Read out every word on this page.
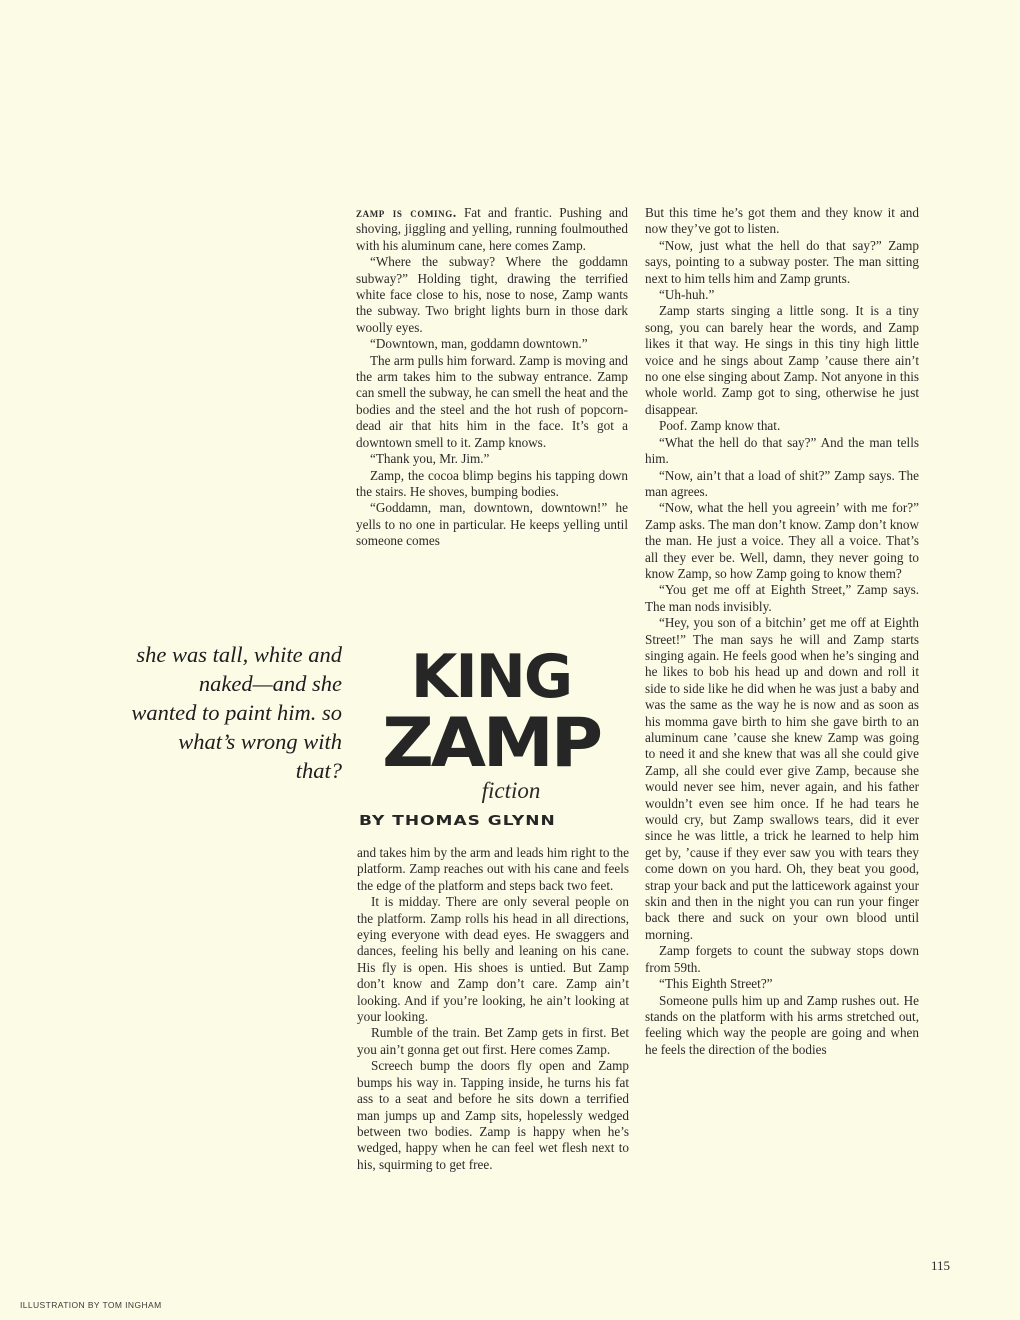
zamp is coming. Fat and frantic. Pushing and shoving, jiggling and yelling, running foulmouthed with his aluminum cane, here comes Zamp.

“Where the subway? Where the goddamn subway?” Holding tight, drawing the terrified white face close to his, nose to nose, Zamp wants the subway. Two bright lights burn in those dark woolly eyes.

“Downtown, man, goddamn downtown.”

The arm pulls him forward. Zamp is moving and the arm takes him to the subway entrance. Zamp can smell the subway, he can smell the heat and the bodies and the steel and the hot rush of popcorn-dead air that hits him in the face. It’s got a downtown smell to it. Zamp knows.

“Thank you, Mr. Jim.”

Zamp, the cocoa blimp begins his tapping down the stairs. He shoves, bumping bodies.

“Goddamn, man, downtown, downtown!” he yells to no one in particular. He keeps yelling until someone comes

she was tall, white and naked—and she wanted to paint him. so what’s wrong with that?
KING
ZAMP
fiction
BY THOMAS GLYNN

and takes him by the arm and leads him right to the platform. Zamp reaches out with his cane and feels the edge of the platform and steps back two feet.

It is midday. There are only several people on the platform. Zamp rolls his head in all directions, eying everyone with dead eyes. He swaggers and dances, feeling his belly and leaning on his cane. His fly is open. His shoes is untied. But Zamp don’t know and Zamp don’t care. Zamp ain’t looking. And if you’re looking, he ain’t looking at your looking.

Rumble of the train. Bet Zamp gets in first. Bet you ain’t gonna get out first. Here comes Zamp.

Screech bump the doors fly open and Zamp bumps his way in. Tapping inside, he turns his fat ass to a seat and before he sits down a terrified man jumps up and Zamp sits, hopelessly wedged between two bodies. Zamp is happy when he’s wedged, happy when he can feel wet flesh next to his, squirming to get free.

But this time he’s got them and they know it and now they’ve got to listen.

“Now, just what the hell do that say?” Zamp says, pointing to a subway poster. The man sitting next to him tells him and Zamp grunts.

“Uh-huh.”

Zamp starts singing a little song. It is a tiny song, you can barely hear the words, and Zamp likes it that way. He sings in this tiny high little voice and he sings about Zamp ’cause there ain’t no one else singing about Zamp. Not anyone in this whole world. Zamp got to sing, otherwise he just disappear.

Poof. Zamp know that.

“What the hell do that say?” And the man tells him.

“Now, ain’t that a load of shit?” Zamp says. The man agrees.

“Now, what the hell you agreein’ with me for?” Zamp asks. The man don’t know. Zamp don’t know the man. He just a voice. They all a voice. That’s all they ever be. Well, damn, they never going to know Zamp, so how Zamp going to know them?

“You get me off at Eighth Street,” Zamp says. The man nods invisibly.

“Hey, you son of a bitchin’ get me off at Eighth Street!” The man says he will and Zamp starts singing again. He feels good when he’s singing and he likes to bob his head up and down and roll it side to side like he did when he was just a baby and was the same as the way he is now and as soon as his momma gave birth to him she gave birth to an aluminum cane ’cause she knew Zamp was going to need it and she knew that was all she could give Zamp, all she could ever give Zamp, because she would never see him, never again, and his father wouldn’t even see him once. If he had tears he would cry, but Zamp swallows tears, did it ever since he was little, a trick he learned to help him get by, ’cause if they ever saw you with tears they come down on you hard. Oh, they beat you good, strap your back and put the latticework against your skin and then in the night you can run your finger back there and suck on your own blood until morning.

Zamp forgets to count the subway stops down from 59th.

“This Eighth Street?”

Someone pulls him up and Zamp rushes out. He stands on the platform with his arms stretched out, feeling which way the people are going and when he feels the direction of the bodies

115
ILLUSTRATION BY TOM INGHAM
